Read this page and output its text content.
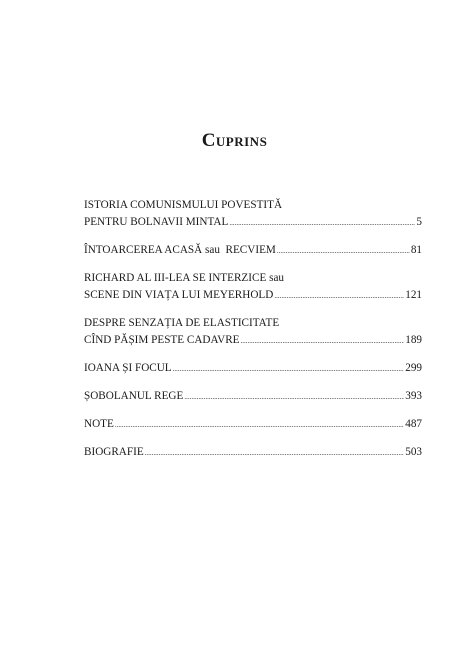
Cuprins
ISTORIA COMUNISMULUI POVESTITĂ
PENTRU BOLNAVII MINTAL .....	5
ÎNTOARCEREA ACASĂ sau  RECVIEM .....	81
RICHARD AL III-LEA SE INTERZICE sau
SCENE DIN VIAȚA LUI MEYERHOLD .....	121
DESPRE SENZAȚIA DE ELASTICITATE
CÎND PĂȘIM PESTE CADAVRE .....	189
IOANA ȘI FOCUL .....	299
ȘOBOLANUL REGE .....	393
NOTE .....	487
BIOGRAFIE .....	503
